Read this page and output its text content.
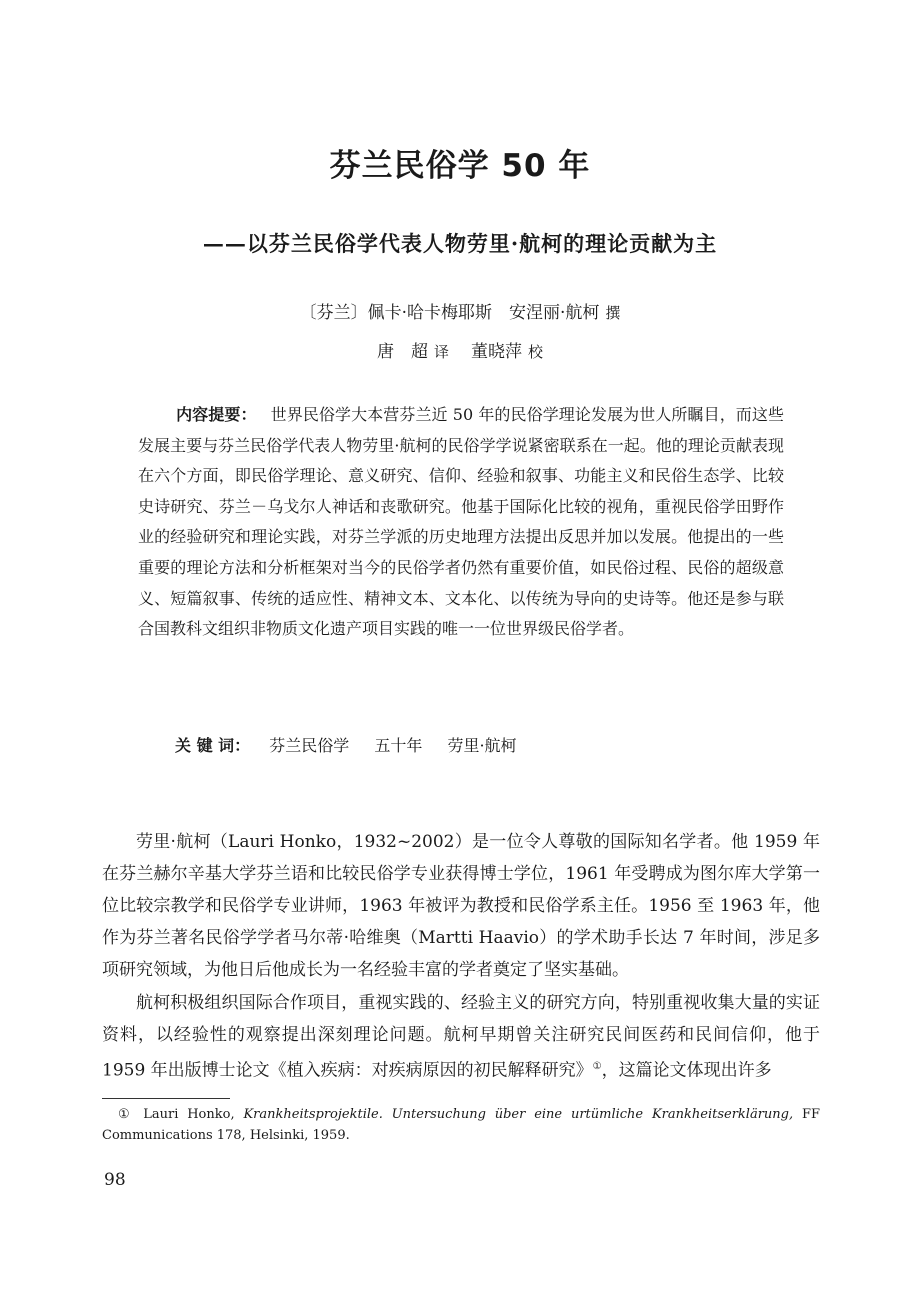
芬兰民俗学 50 年
——以芬兰民俗学代表人物劳里·航柯的理论贡献为主
〔芬兰〕佩卡·哈卡梅耶斯　安涅丽·航柯 撰
唐　超 译 董晓萍 校

内容提要： 世界民俗学大本营芬兰近 50 年的民俗学理论发展为世人所瞩目，而这些发展主要与芬兰民俗学代表人物劳里·航柯的民俗学学说紧密联系在一起。他的理论贡献表现在六个方面，即民俗学理论、意义研究、信仰、经验和叙事、功能主义和民俗生态学、比较史诗研究、芬兰－乌戈尔人神话和丧歌研究。他基于国际化比较的视角，重视民俗学田野作业的经验研究和理论实践，对芬兰学派的历史地理方法提出反思并加以发展。他提出的一些重要的理论方法和分析框架对当今的民俗学者仍然有重要价值，如民俗过程、民俗的超级意义、短篇叙事、传统的适应性、精神文本、文本化、以传统为导向的史诗等。他还是参与联合国教科文组织非物质文化遗产项目实践的唯一一位世界级民俗学者。

关 键 词： 芬兰民俗学 五十年 劳里·航柯

劳里·航柯（Lauri Honko，1932~2002）是一位令人尊敬的国际知名学者。他 1959 年在芬兰赫尔辛基大学芬兰语和比较民俗学专业获得博士学位，1961 年受聘成为图尔库大学第一位比较宗教学和民俗学专业讲师，1963 年被评为教授和民俗学系主任。1956 至 1963 年，他作为芬兰著名民俗学学者马尔蒂·哈维奥（Martti Haavio）的学术助手长达 7 年时间，涉足多项研究领域，为他日后他成长为一名经验丰富的学者奠定了坚实基础。

航柯积极组织国际合作项目，重视实践的、经验主义的研究方向，特别重视收集大量的实证资料，以经验性的观察提出深刻理论问题。航柯早期曾关注研究民间医药和民间信仰，他于 1959 年出版博士论文《植入疾病：对疾病原因的初民解释研究》①，这篇论文体现出许多

① Lauri Honko, Krankheitsprojektile. Untersuchung über eine urtümliche Krankheitserklärung, FF Communications 178, Helsinki, 1959.

98
